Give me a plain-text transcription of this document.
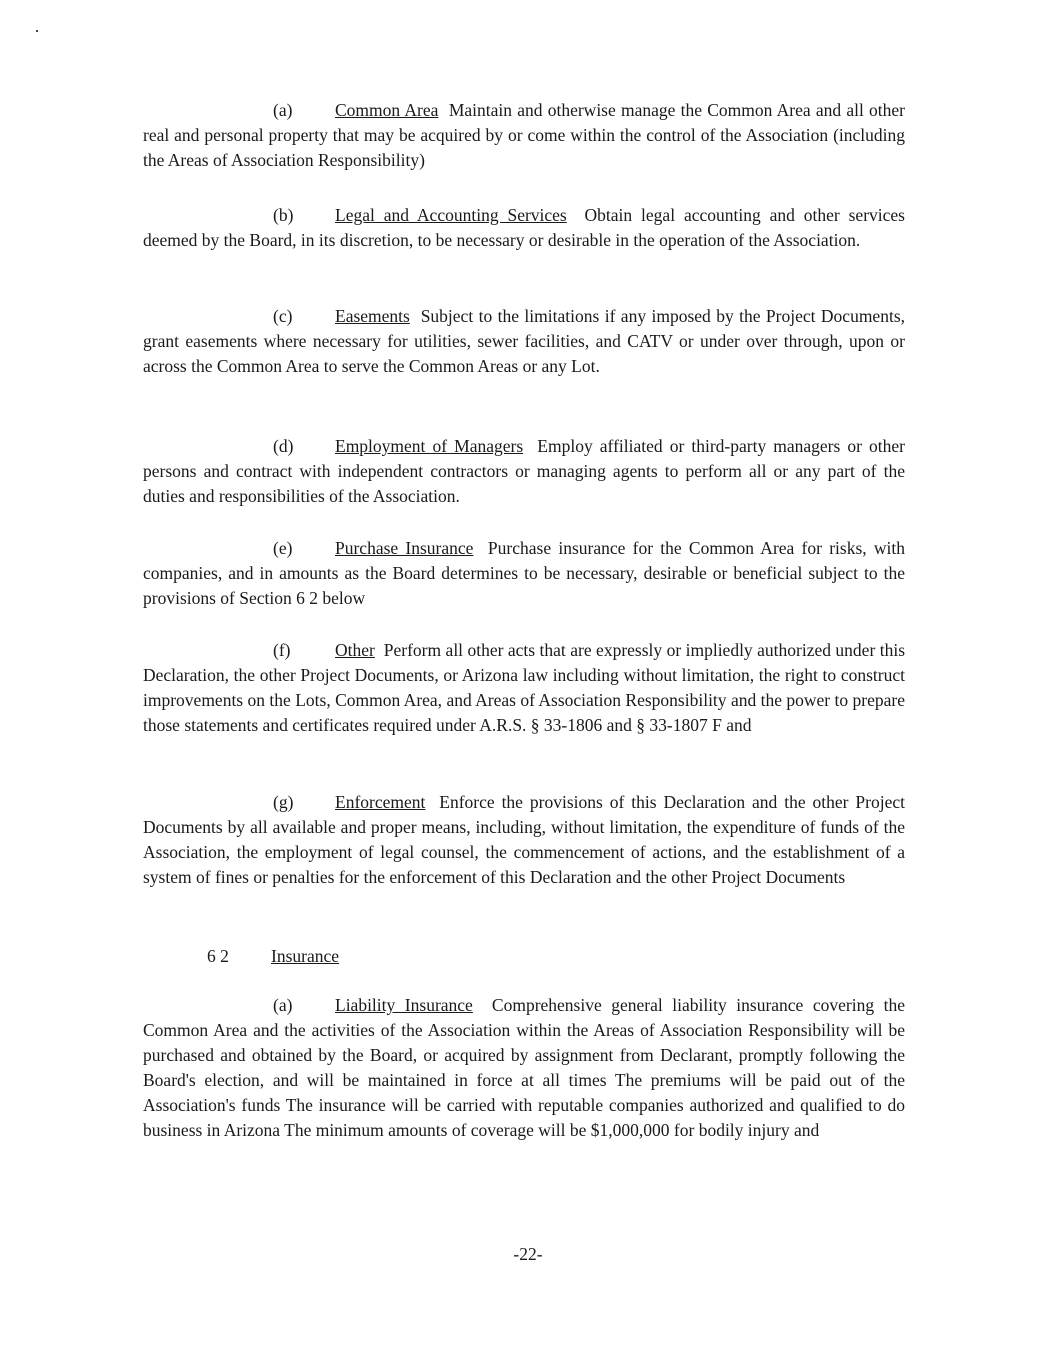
(a) Common Area Maintain and otherwise manage the Common Area and all other real and personal property that may be acquired by or come within the control of the Association (including the Areas of Association Responsibility)
(b) Legal and Accounting Services Obtain legal accounting and other services deemed by the Board, in its discretion, to be necessary or desirable in the operation of the Association.
(c) Easements Subject to the limitations if any imposed by the Project Documents, grant easements where necessary for utilities, sewer facilities, and CATV or under over through, upon or across the Common Area to serve the Common Areas or any Lot.
(d) Employment of Managers Employ affiliated or third-party managers or other persons and contract with independent contractors or managing agents to perform all or any part of the duties and responsibilities of the Association.
(e) Purchase Insurance Purchase insurance for the Common Area for risks, with companies, and in amounts as the Board determines to be necessary, desirable or beneficial subject to the provisions of Section 6 2 below
(f)	Other Perform all other acts that are expressly or impliedly authorized under this Declaration, the other Project Documents, or Arizona law including without limitation, the right to construct improvements on the Lots, Common Area, and Areas of Association Responsibility and the power to prepare those statements and certificates required under A.R.S. § 33-1806 and § 33-1807 F and
(g) Enforcement Enforce the provisions of this Declaration and the other Project Documents by all available and proper means, including, without limitation, the expenditure of funds of the Association, the employment of legal counsel, the commencement of actions, and the establishment of a system of fines or penalties for the enforcement of this Declaration and the other Project Documents
6 2 Insurance
(a) Liability Insurance Comprehensive general liability insurance covering the Common Area and the activities of the Association within the Areas of Association Responsibility will be purchased and obtained by the Board, or acquired by assignment from Declarant, promptly following the Board's election, and will be maintained in force at all times The premiums will be paid out of the Association's funds The insurance will be carried with reputable companies authorized and qualified to do business in Arizona The minimum amounts of coverage will be $1,000,000 for bodily injury and
-22-
